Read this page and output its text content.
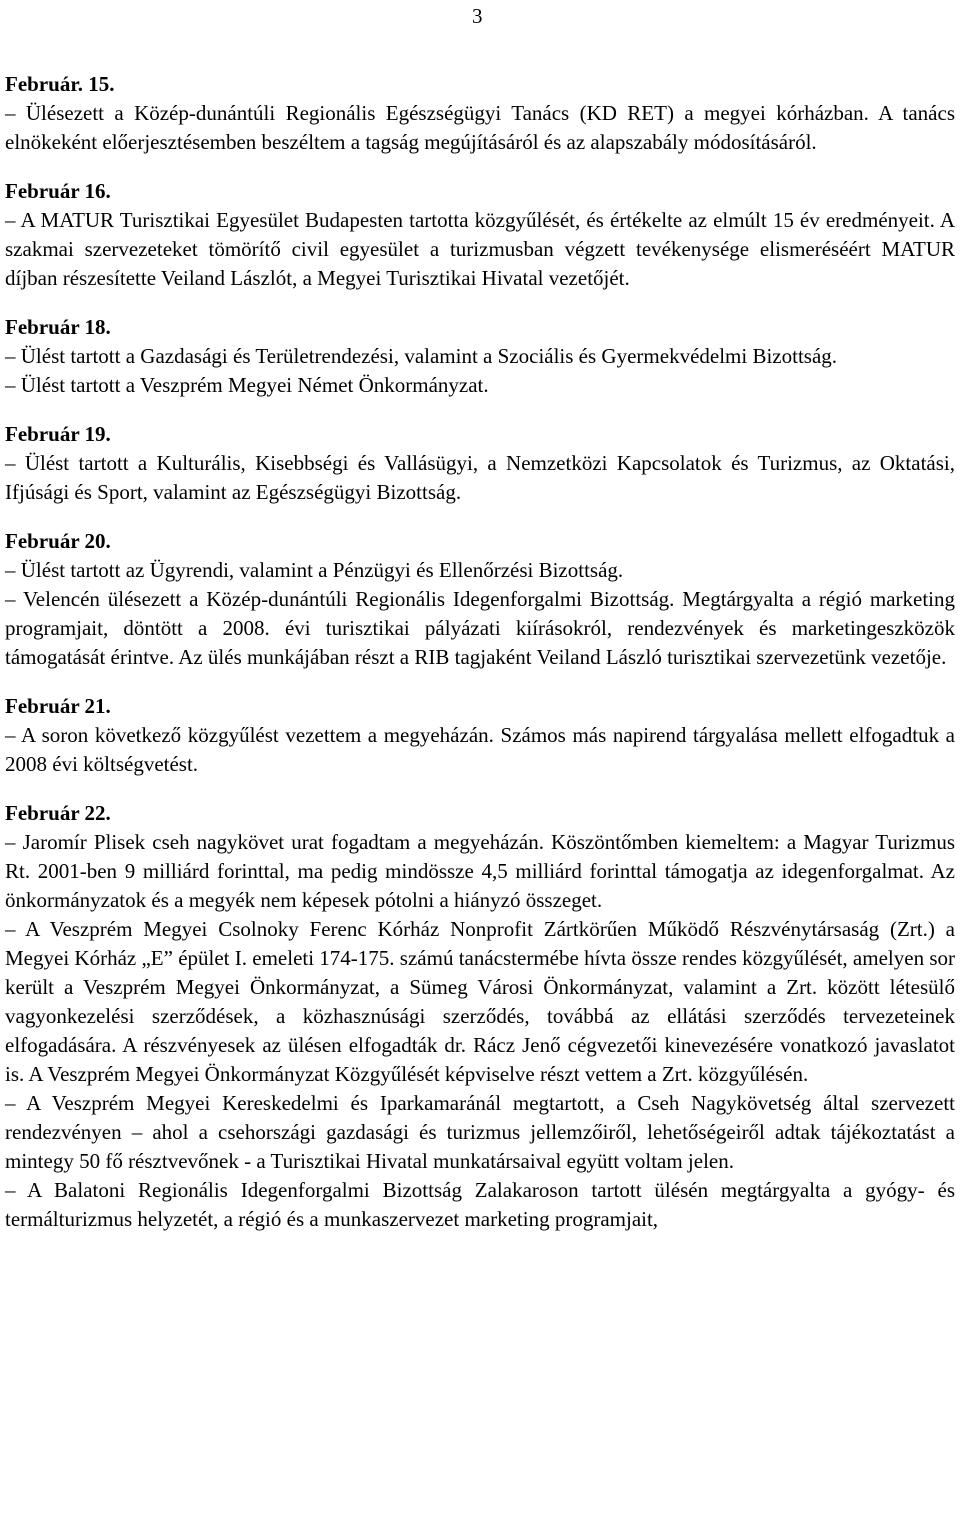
3
Február. 15.
– Ülésezett a Közép-dunántúli Regionális Egészségügyi Tanács (KD RET) a megyei kórházban. A tanács elnökeként előerjesztésemben beszéltem a tagság megújításáról és az alapszabály módosításáról.
Február 16.
– A MATUR Turisztikai Egyesület Budapesten tartotta közgyűlését, és értékelte az elmúlt 15 év eredményeit. A szakmai szervezeteket tömörítő civil egyesület a turizmusban végzett tevékenysége elismeréséért MATUR díjban részesítette Veiland Lászlót, a Megyei Turisztikai Hivatal vezetőjét.
Február 18.
– Ülést tartott a Gazdasági és Területrendezési, valamint a Szociális és Gyermekvédelmi Bizottság.
– Ülést tartott a Veszprém Megyei Német Önkormányzat.
Február 19.
– Ülést tartott a Kulturális, Kisebbségi és Vallásügyi, a Nemzetközi Kapcsolatok és Turizmus, az Oktatási, Ifjúsági és Sport, valamint az Egészségügyi Bizottság.
Február 20.
– Ülést tartott az Ügyrendi, valamint a Pénzügyi és Ellenőrzési Bizottság.
– Velencén ülésezett a Közép-dunántúli Regionális Idegenforgalmi Bizottság. Megtárgyalta a régió marketing programjait, döntött a 2008. évi turisztikai pályázati kiírásokról, rendezvények és marketingeszközök támogatását érintve. Az ülés munkájában részt a RIB tagjaként Veiland László turisztikai szervezetünk vezetője.
Február 21.
– A soron következő közgyűlést vezettem a megyeházán. Számos más napirend tárgyalása mellett elfogadtuk a 2008 évi költségvetést.
Február 22.
– Jaromír Plisek cseh nagykövet urat fogadtam a megyeházán. Köszöntőmben kiemeltem: a Magyar Turizmus Rt. 2001-ben 9 milliárd forinttal, ma pedig mindössze 4,5 milliárd forinttal támogatja az idegenforgalmat. Az önkormányzatok és a megyék nem képesek pótolni a hiányzó összeget.
– A Veszprém Megyei Csolnoky Ferenc Kórház Nonprofit Zártkörűen Működő Részvénytársaság (Zrt.) a Megyei Kórház „E” épület I. emeleti 174-175. számú tanácstermébe hívta össze rendes közgyűlését, amelyen sor került a Veszprém Megyei Önkormányzat, a Sümeg Városi Önkormányzat, valamint a Zrt. között létesülő vagyonkezelési szerződések, a közhasznúsági szerződés, továbbá az ellátási szerződés tervezeteinek elfogadására. A részvényesek az ülésen elfogadták dr. Rácz Jenő cégvezetői kinevezésére vonatkozó javaslatot is. A Veszprém Megyei Önkormányzat Közgyűlését képviselve részt vettem a Zrt. közgyűlésén.
– A Veszprém Megyei Kereskedelmi és Iparkamaránál megtartott, a Cseh Nagykövetség által szervezett rendezvényen – ahol a csehországi gazdasági és turizmus jellemzőiről, lehetőségeiről adtak tájékoztatást a mintegy 50 fő résztvevőnek - a Turisztikai Hivatal munkatársaival együtt voltam jelen.
– A Balatoni Regionális Idegenforgalmi Bizottság Zalakaroson tartott ülésén megtárgyalta a gyógy- és termálturizmus helyzetét, a régió és a munkaszervezet marketing programjait,
